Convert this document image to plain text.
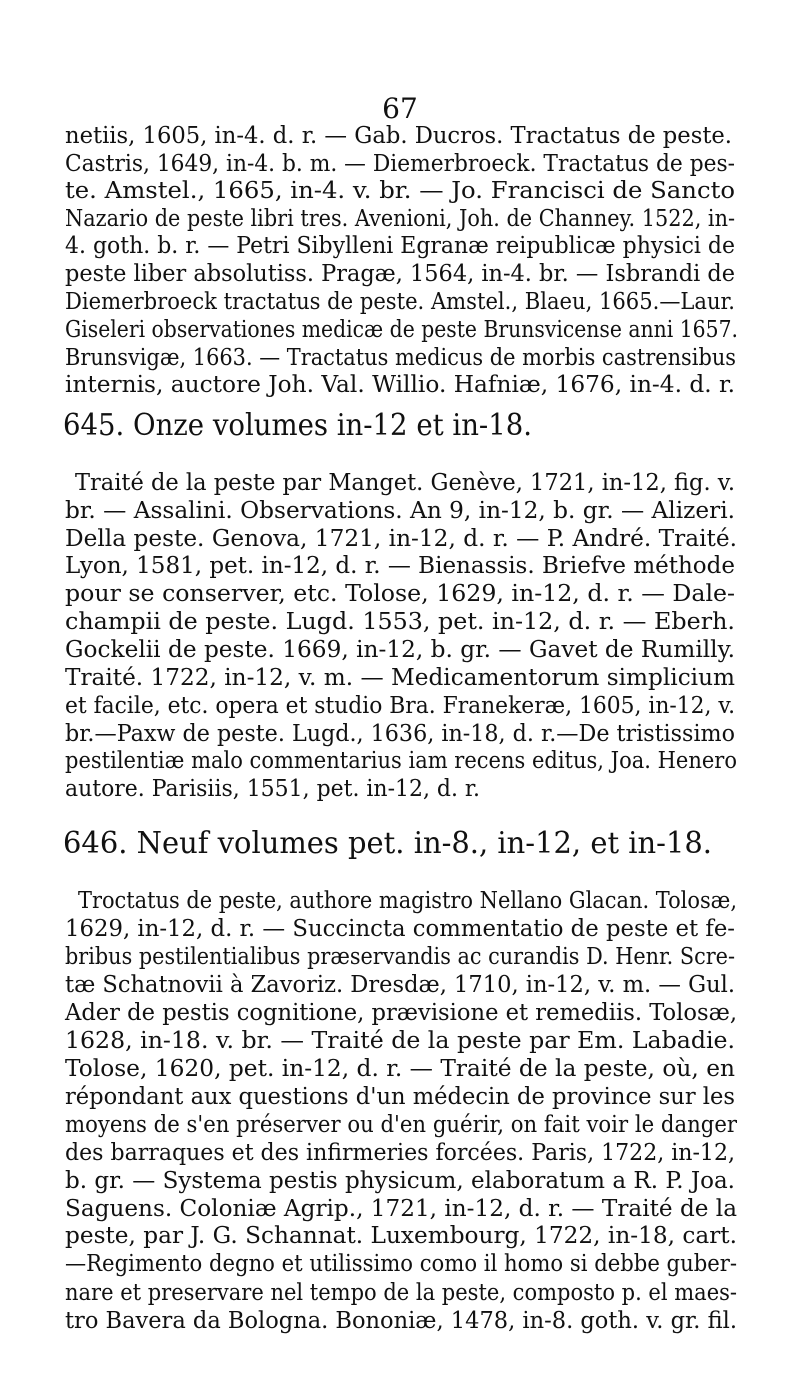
67
netiis, 1605, in-4. d. r. — Gab. Ducros. Tractatus de peste.
Castris, 1649, in-4. b. m. — Diemerbroeck. Tractatus de pes-
te. Amstel., 1665, in-4. v. br. — Jo. Francisci de Sancto
Nazario de peste libri tres. Avenioni, Joh. de Channey. 1522, in-
4. goth. b. r. — Petri Sibylleni Egranæ reipublicæ physici de
peste liber absolutiss. Pragæ, 1564, in-4. br. — Isbrandi de
Diemerbroeck tractatus de peste. Amstel., Blaeu, 1665.—Laur.
Giseleri observationes medicæ de peste Brunsvicense anni 1657.
Brunsvigæ, 1663. — Tractatus medicus de morbis castrensibus
internis, auctore Joh. Val. Willio. Hafniæ, 1676, in-4. d. r.
645. Onze volumes in-12 et in-18.
Traité de la peste par Manget. Genève, 1721, in-12, fig. v.
br. — Assalini. Observations. An 9, in-12, b. gr. — Alizeri.
Della peste. Genova, 1721, in-12, d. r. — P. André. Traité.
Lyon, 1581, pet. in-12, d. r. — Bienassis. Briefve méthode
pour se conserver, etc. Tolose, 1629, in-12, d. r. — Dale-
champii de peste. Lugd. 1553, pet. in-12, d. r. — Eberh.
Gockelii de peste. 1669, in-12, b. gr. — Gavet de Rumilly.
Traité. 1722, in-12, v. m. — Medicamentorum simplicium
et facile, etc. opera et studio Bra. Franekeræ, 1605, in-12, v.
br.—Paxw de peste. Lugd., 1636, in-18, d. r.—De tristissimo
pestilentiæ malo commentarius iam recens editus, Joa. Henero
autore. Parisiis, 1551, pet. in-12, d. r.
646. Neuf volumes pet. in-8., in-12, et in-18.
Troctatus de peste, authore magistro Nellano Glacan. Tolosæ,
1629, in-12, d. r. — Succincta commentatio de peste et fe-
bribus pestilentialibus præservandis ac curandis D. Henr. Scre-
tæ Schatnovii à Zavoriz. Dresdæ, 1710, in-12, v. m. — Gul.
Ader de pestis cognitione, prævisione et remediis. Tolosæ,
1628, in-18. v. br. — Traité de la peste par Em. Labadie.
Tolose, 1620, pet. in-12, d. r. — Traité de la peste, où, en
répondant aux questions d'un médecin de province sur les
moyens de s'en préserver ou d'en guérir, on fait voir le danger
des barraques et des infirmeries forcées. Paris, 1722, in-12,
b. gr. — Systema pestis physicum, elaboratum a R. P. Joa.
Saguens. Coloniæ Agrip., 1721, in-12, d. r. — Traité de la
peste, par J. G. Schannat. Luxembourg, 1722, in-18, cart.
—Regimento degno et utilissimo como il homo si debbe guber-
nare et preservare nel tempo de la peste, composto p. el maes-
tro Bavera da Bologna. Bononiæ, 1478, in-8. goth. v. gr. fil.
